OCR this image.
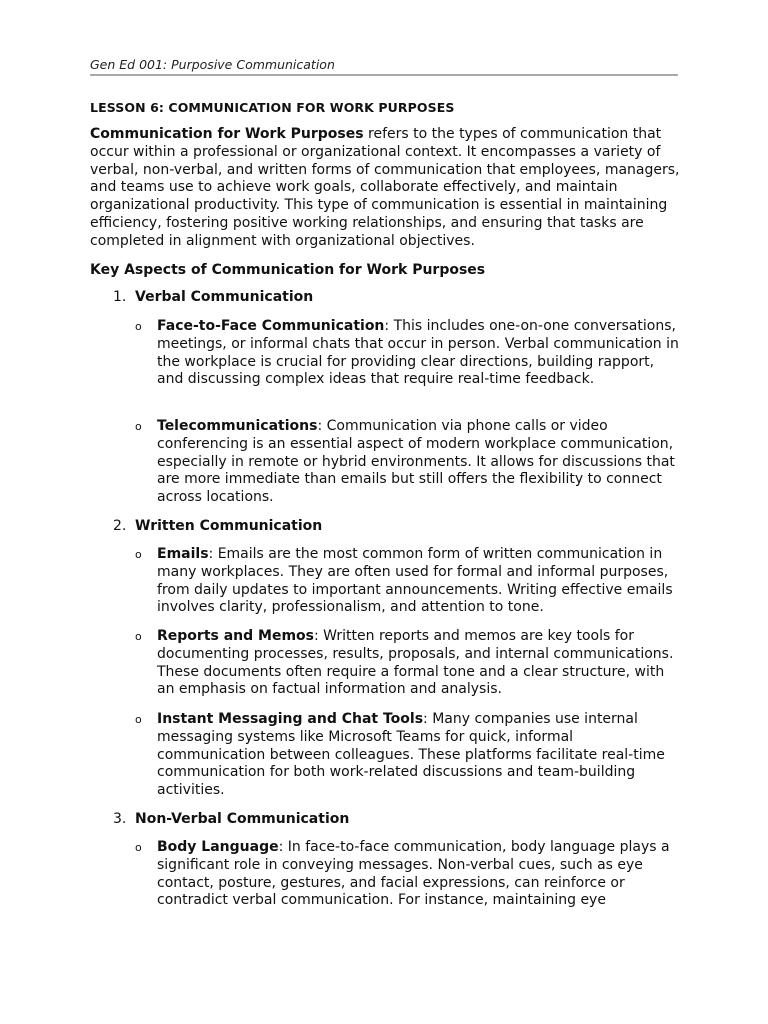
Gen Ed 001: Purposive Communication
LESSON 6: COMMUNICATION FOR WORK PURPOSES
Communication for Work Purposes refers to the types of communication that occur within a professional or organizational context. It encompasses a variety of verbal, non-verbal, and written forms of communication that employees, managers, and teams use to achieve work goals, collaborate effectively, and maintain organizational productivity. This type of communication is essential in maintaining efficiency, fostering positive working relationships, and ensuring that tasks are completed in alignment with organizational objectives.
Key Aspects of Communication for Work Purposes
1. Verbal Communication
o Face-to-Face Communication: This includes one-on-one conversations, meetings, or informal chats that occur in person. Verbal communication in the workplace is crucial for providing clear directions, building rapport, and discussing complex ideas that require real-time feedback.
o Telecommunications: Communication via phone calls or video conferencing is an essential aspect of modern workplace communication, especially in remote or hybrid environments. It allows for discussions that are more immediate than emails but still offers the flexibility to connect across locations.
2. Written Communication
o Emails: Emails are the most common form of written communication in many workplaces. They are often used for formal and informal purposes, from daily updates to important announcements. Writing effective emails involves clarity, professionalism, and attention to tone.
o Reports and Memos: Written reports and memos are key tools for documenting processes, results, proposals, and internal communications. These documents often require a formal tone and a clear structure, with an emphasis on factual information and analysis.
o Instant Messaging and Chat Tools: Many companies use internal messaging systems like Microsoft Teams for quick, informal communication between colleagues. These platforms facilitate real-time communication for both work-related discussions and team-building activities.
3. Non-Verbal Communication
o Body Language: In face-to-face communication, body language plays a significant role in conveying messages. Non-verbal cues, such as eye contact, posture, gestures, and facial expressions, can reinforce or contradict verbal communication. For instance, maintaining eye
